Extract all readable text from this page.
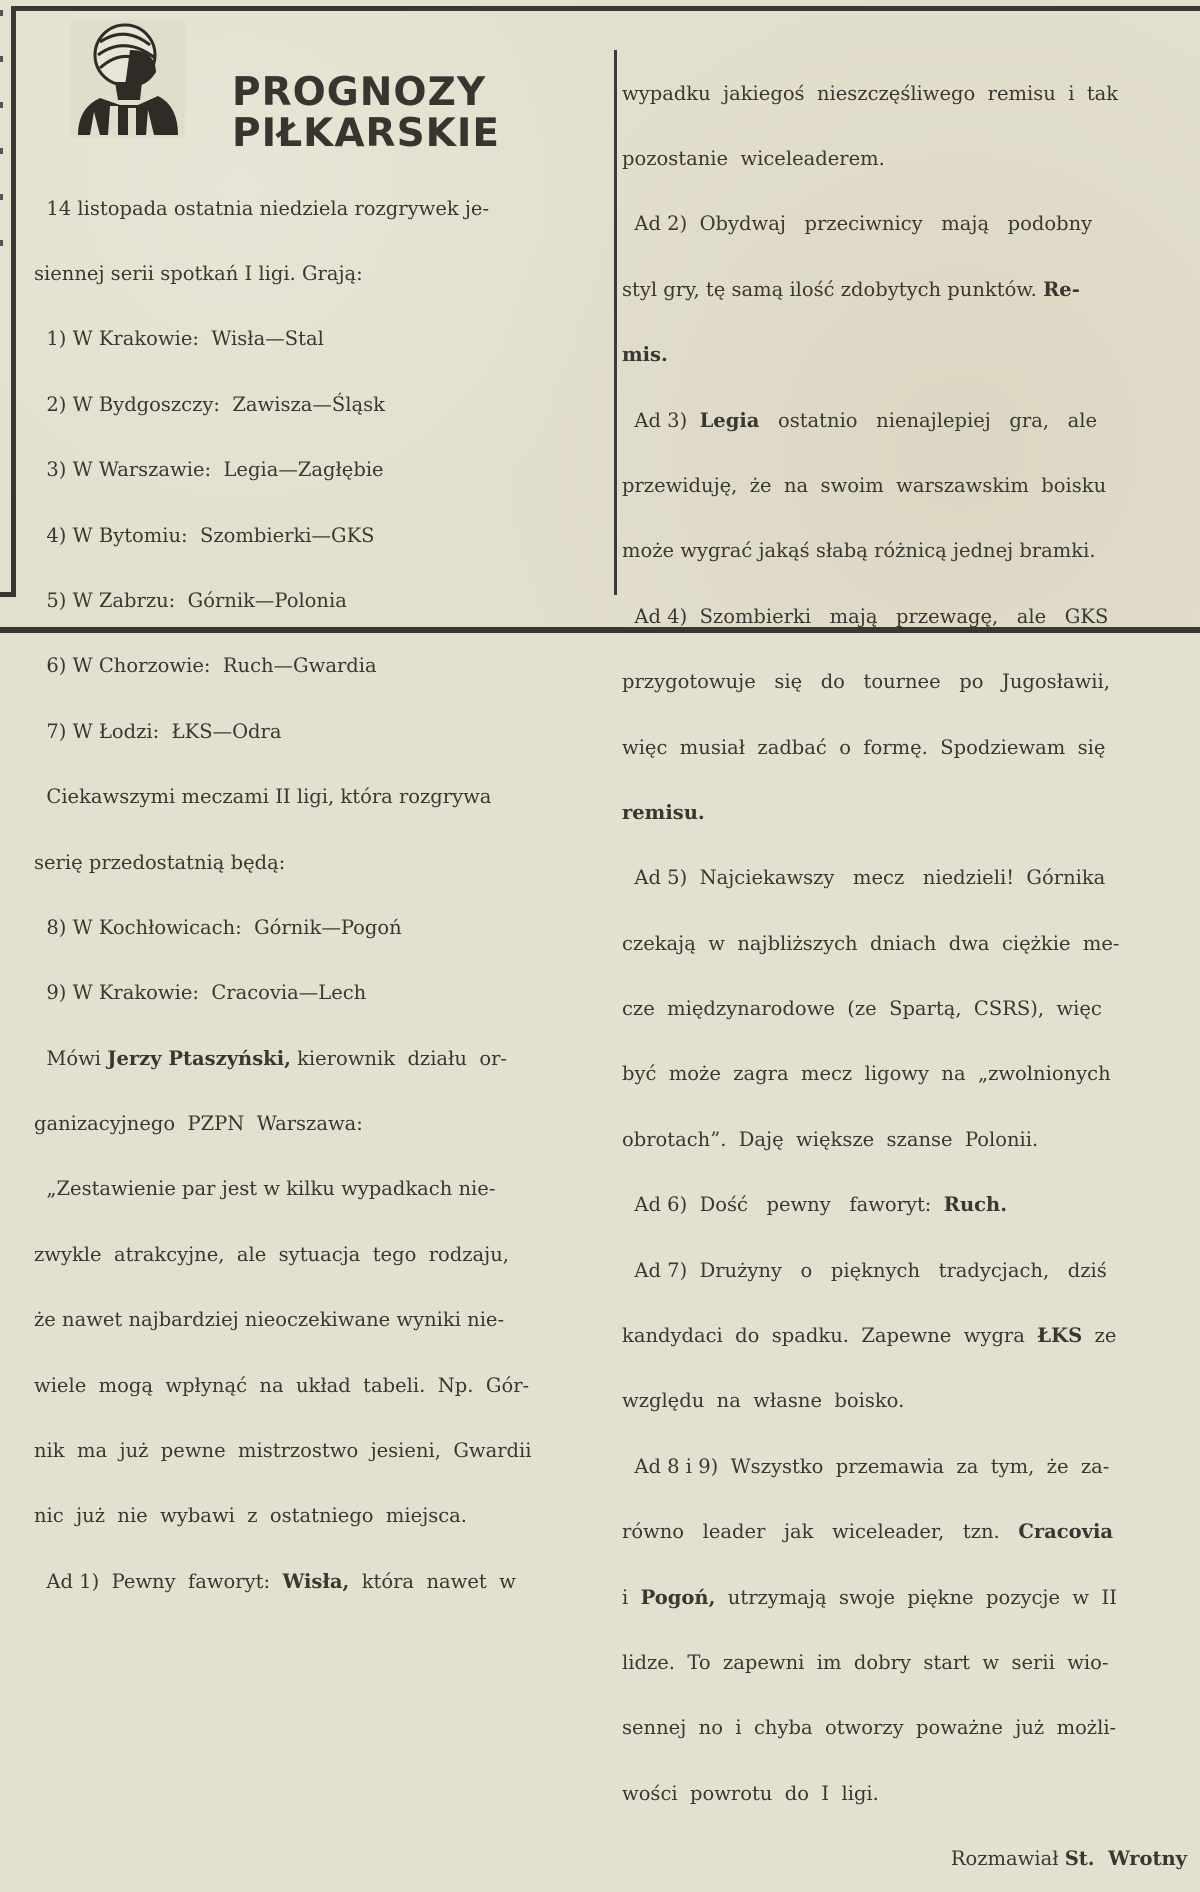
PROGNOZY
PIŁKARSKIE

14 listopada ostatnia niedziela rozgrywek je-

siennej serii spotkań I ligi. Grają:

1) W Krakowie:  Wisła—Stal

2) W Bydgoszczy:  Zawisza—Śląsk

3) W Warszawie:  Legia—Zagłębie

4) W Bytomiu:  Szombierki—GKS

5) W Zabrzu:  Górnik—Polonia

6) W Chorzowie:  Ruch—Gwardia

7) W Łodzi:  ŁKS—Odra

Ciekawszymi meczami II ligi, która rozgrywa

serię przedostatnią będą:

8) W Kochłowicach:  Górnik—Pogoń

9) W Krakowie:  Cracovia—Lech

Mówi Jerzy Ptaszyński, kierownik  działu  or-

ganizacyjnego  PZPN  Warszawa:

„Zestawienie par jest w kilku wypadkach nie-

zwykle  atrakcyjne,  ale  sytuacja  tego  rodzaju,

że nawet najbardziej nieoczekiwane wyniki nie-

wiele  mogą  wpłynąć  na  układ  tabeli.  Np.  Gór-

nik  ma  już  pewne  mistrzostwo  jesieni,  Gwardii

nic  już  nie  wybawi  z  ostatniego  miejsca.

Ad 1)  Pewny  faworyt:  Wisła,  która  nawet  w

wypadku  jakiegoś  nieszczęśliwego  remisu  i  tak

pozostanie  wiceleaderem.

Ad 2)  Obydwaj   przeciwnicy   mają   podobny

styl gry, tę samą ilość zdobytych punktów. Re-

mis.

Ad 3)  Legia   ostatnio   nienajlepiej   gra,   ale

przewiduję,  że  na  swoim  warszawskim  boisku

może wygrać jakąś słabą różnicą jednej bramki.

Ad 4)  Szombierki   mają   przewagę,   ale   GKS

przygotowuje   się   do   tournee   po   Jugosławii,

więc  musiał  zadbać  o  formę.  Spodziewam  się

remisu.

Ad 5)  Najciekawszy   mecz   niedzieli!  Górnika

czekają  w  najbliższych  dniach  dwa  ciężkie  me-

cze  międzynarodowe  (ze  Spartą,  CSRS),  więc

być  może  zagra  mecz  ligowy  na  „zwolnionych

obrotach”.  Daję  większe  szanse  Polonii.

Ad 6)  Dość   pewny   faworyt:  Ruch.

Ad 7)  Drużyny   o   pięknych   tradycjach,   dziś

kandydaci  do  spadku.  Zapewne  wygra  ŁKS  ze

względu  na  własne  boisko.

Ad 8 i 9)  Wszystko  przemawia  za  tym,  że  za-

równo   leader   jak   wiceleader,   tzn.   Cracovia

i  Pogoń,  utrzymają  swoje  piękne  pozycje  w  II

lidze.  To  zapewni  im  dobry  start  w  serii  wio-

sennej  no  i  chyba  otworzy  poważne  już  możli-

wości  powrotu  do  I  ligi.

Rozmawiał St.  Wrotny
